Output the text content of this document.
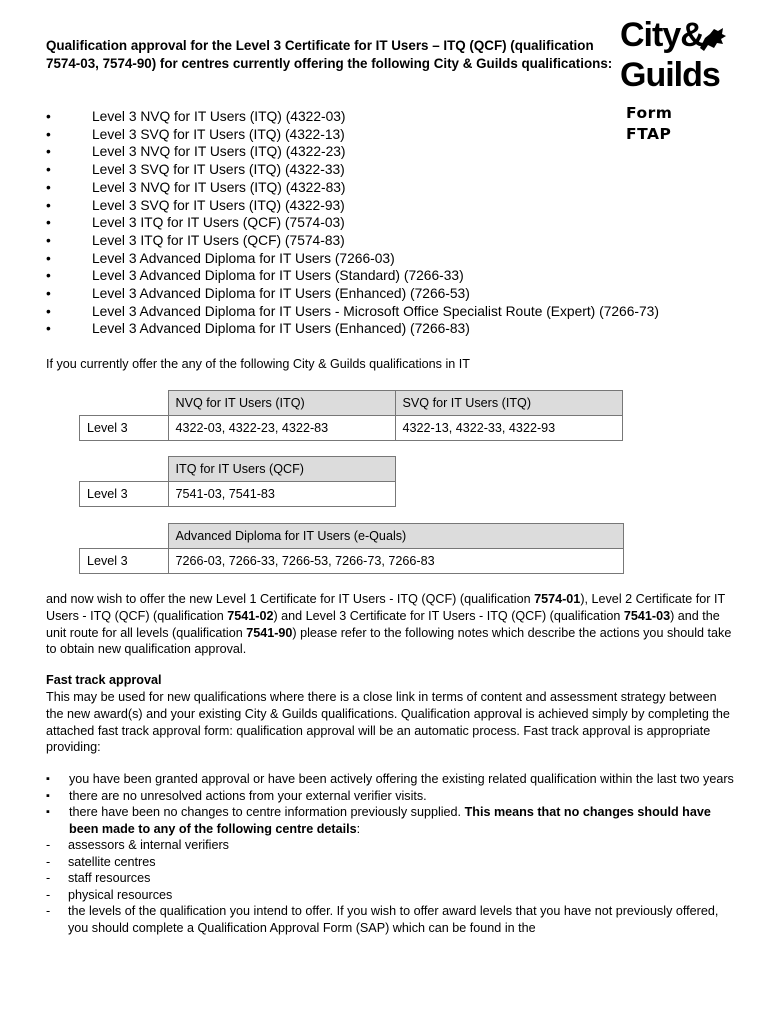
Qualification approval for the Level 3 Certificate for IT Users – ITQ (QCF) (qualification 7574-03, 7574-90) for centres currently offering the following City & Guilds qualifications:
City&
Guilds
Form
FTAP
• Level 3 NVQ for IT Users (ITQ) (4322-03)
• Level 3 SVQ for IT Users (ITQ) (4322-13)
• Level 3 NVQ for IT Users (ITQ) (4322-23)
• Level 3 SVQ for IT Users (ITQ) (4322-33)
• Level 3 NVQ for IT Users (ITQ) (4322-83)
• Level 3 SVQ for IT Users (ITQ) (4322-93)
• Level 3 ITQ for IT Users (QCF) (7574-03)
• Level 3 ITQ for IT Users (QCF) (7574-83)
• Level 3 Advanced Diploma for IT Users (7266-03)
• Level 3 Advanced Diploma for IT Users (Standard) (7266-33)
• Level 3 Advanced Diploma for IT Users (Enhanced) (7266-53)
• Level 3 Advanced Diploma for IT Users - Microsoft Office Specialist Route (Expert) (7266-73)
• Level 3 Advanced Diploma for IT Users (Enhanced) (7266-83)
If you currently offer the any of the following City & Guilds qualifications in IT
	NVQ for IT Users (ITQ)	SVQ for IT Users (ITQ)
Level 3	4322-03, 4322-23, 4322-83	4322-13, 4322-33, 4322-93
	ITQ for IT Users (QCF)
Level 3	7541-03, 7541-83
	Advanced Diploma for IT Users (e-Quals)
Level 3	7266-03, 7266-33, 7266-53, 7266-73, 7266-83
and now wish to offer the new Level 1 Certificate for IT Users - ITQ (QCF) (qualification 7574-01), Level 2 Certificate for IT Users - ITQ (QCF) (qualification 7541-02) and Level 3 Certificate for IT Users - ITQ (QCF) (qualification 7541-03) and the unit route for all levels (qualification 7541-90) please refer to the following notes which describe the actions you should take to obtain new qualification approval.
Fast track approval
This may be used for new qualifications where there is a close link in terms of content and assessment strategy between the new award(s) and your existing City & Guilds qualifications. Qualification approval is achieved simply by completing the attached fast track approval form: qualification approval will be an automatic process. Fast track approval is appropriate providing:
▪ you have been granted approval or have been actively offering the existing related qualification within the last two years
▪ there are no unresolved actions from your external verifier visits.
▪ there have been no changes to centre information previously supplied. This means that no changes should have been made to any of the following centre details:
- assessors & internal verifiers
- satellite centres
- staff resources
- physical resources
- the levels of the qualification you intend to offer. If you wish to offer award levels that you have not previously offered, you should complete a Qualification Approval Form (SAP) which can be found in the
